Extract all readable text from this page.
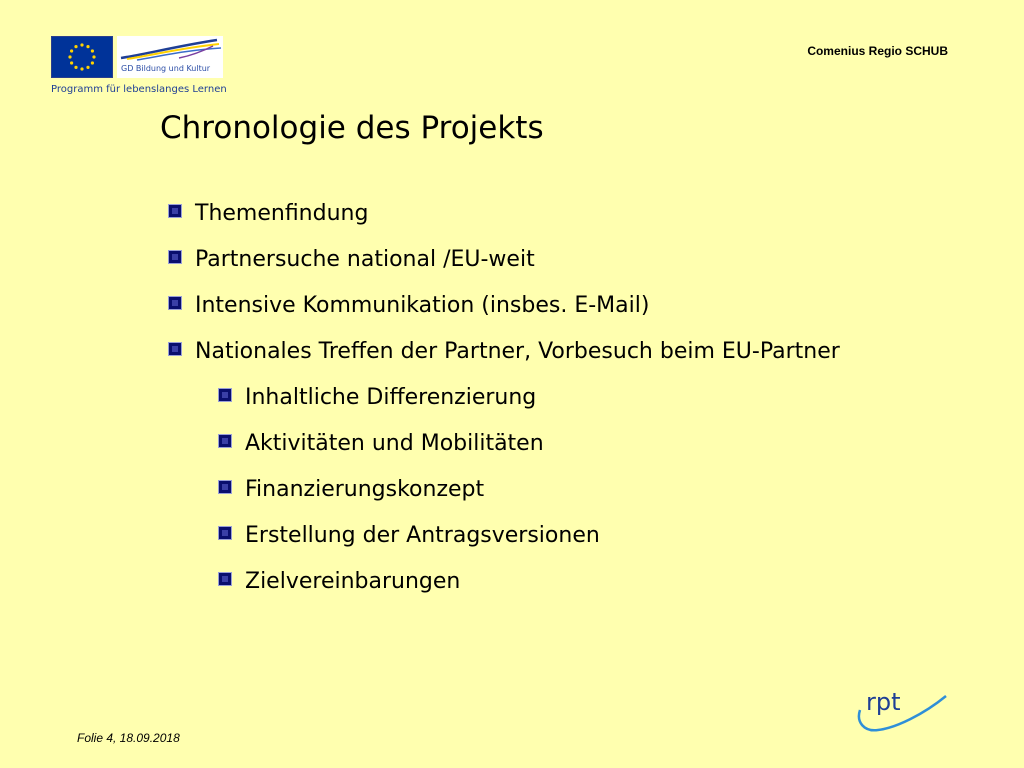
GD Bildung und Kultur
Programm für lebenslanges Lernen
Comenius Regio SCHUB
Chronologie des Projekts
Themenfindung
Partnersuche national /EU-weit
Intensive Kommunikation (insbes. E-Mail)
Nationales Treffen der Partner, Vorbesuch beim EU-Partner
Inhaltliche Differenzierung
Aktivitäten und Mobilitäten
Finanzierungskonzept
Erstellung der Antragsversionen
Zielvereinbarungen
rpt
Folie 4, 18.09.2018
